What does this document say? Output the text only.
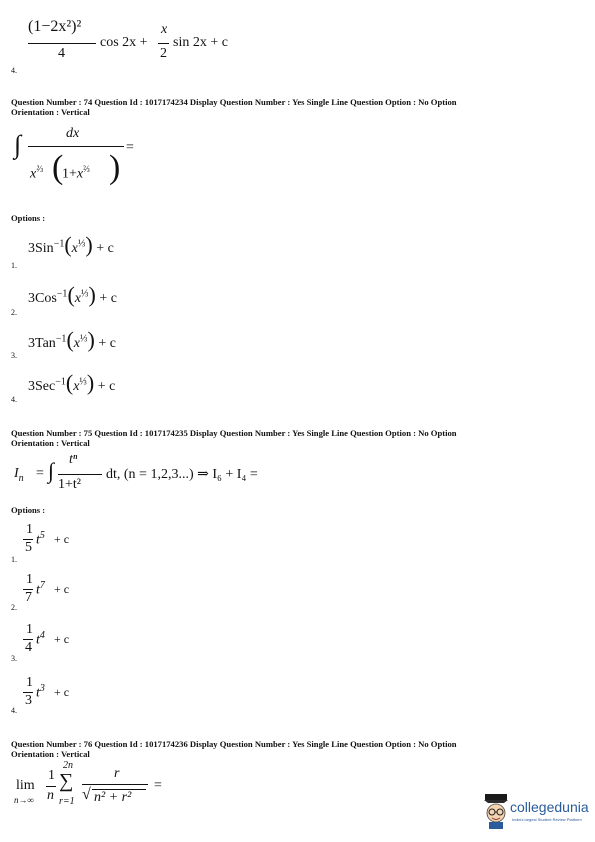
(1−2x²)²
4
cos 2x +
x
2
sin 2x + c
4.
Question Number : 74 Question Id : 1017174234 Display Question Number : Yes Single Line Question Option : No Option
Orientation : Vertical
∫	dx
$x^{\frac{2}{3}}$ (
$1+x^{\frac{2}{3}}$ )
=
Options :
$3Sin^{-1}(x^{\frac{1}{3}}) + c$
1.
$3Cos^{-1}(x^{\frac{1}{3}}) + c$
2.
$3Tan^{-1}(x^{\frac{1}{3}}) + c$
3.
$3Sec^{-1}(x^{\frac{1}{3}}) + c$
4.
Question Number : 75 Question Id : 1017174235 Display Question Number : Yes Single Line Question Option : No Option
Orientation : Vertical
$I_n$ = ∫ tⁿ
1+t²
dt, (n = 1,2,3...) ⇒ I₆ + I₄ =
Options :
1
5 $t^5 + c$
1.
1
7 $t^7 + c$
2.
1
4 $t^4 + c$
3.
1
3 $t^3 + c$
4.
Question Number : 76 Question Id : 1017174236 Display Question Number : Yes Single Line Question Option : No Option
Orientation : Vertical
lim
n→∞
1
n
2n
∑
r=1
r
√ n² + r²
=
collegedunia
India's largest Student Review Platform
